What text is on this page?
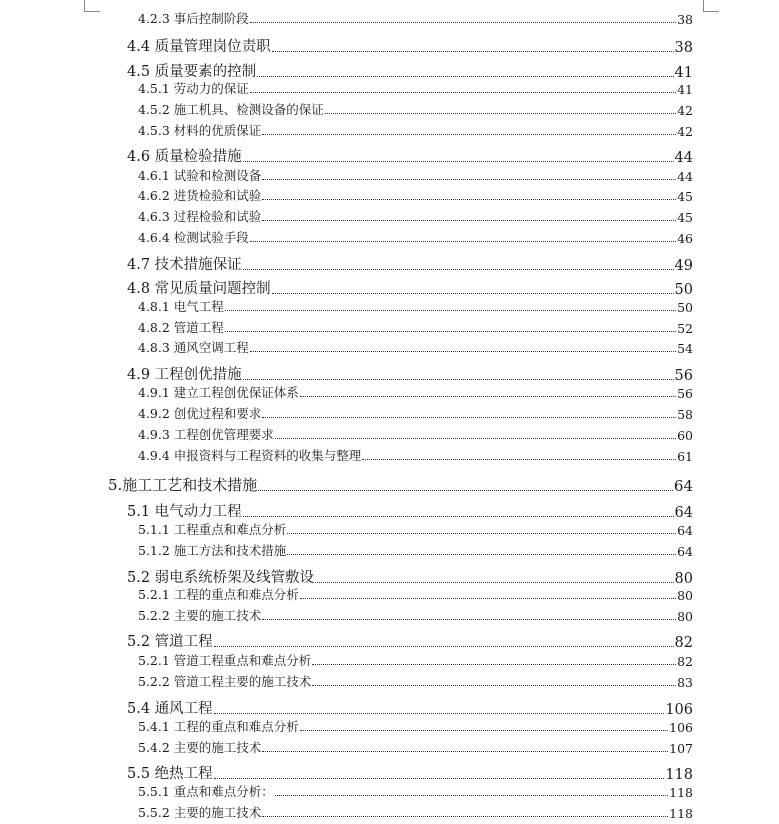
4.2.3 事后控制阶段	38
4.4 质量管理岗位责职	38
4.5 质量要素的控制	41
4.5.1 劳动力的保证	41
4.5.2 施工机具、检测设备的保证	42
4.5.3 材料的优质保证	42
4.6 质量检验措施	44
4.6.1 试验和检测设备	44
4.6.2 进货检验和试验	45
4.6.3 过程检验和试验	45
4.6.4 检测试验手段	46
4.7 技术措施保证	49
4.8 常见质量问题控制	50
4.8.1 电气工程	50
4.8.2 管道工程	52
4.8.3 通风空调工程	54
4.9 工程创优措施	56
4.9.1 建立工程创优保证体系	56
4.9.2 创优过程和要求	58
4.9.3 工程创优管理要求	60
4.9.4 申报资料与工程资料的收集与整理	61
5.施工工艺和技术措施	64
5.1 电气动力工程	64
5.1.1 工程重点和难点分析	64
5.1.2 施工方法和技术措施	64
5.2 弱电系统桥架及线管敷设	80
5.2.1 工程的重点和难点分析	80
5.2.2 主要的施工技术	80
5.2 管道工程	82
5.2.1 管道工程重点和难点分析	82
5.2.2 管道工程主要的施工技术	83
5.4 通风工程	106
5.4.1 工程的重点和难点分析	106
5.4.2 主要的施工技术	107
5.5 绝热工程	118
5.5.1 重点和难点分析：	118
5.5.2 主要的施工技术	118
